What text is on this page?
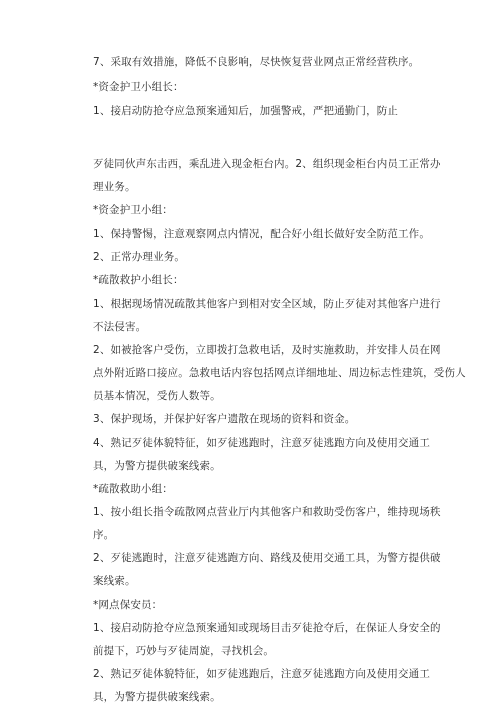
7、采取有效措施，降低不良影响，尽快恢复营业网点正常经营秩序。
*资金护卫小组长：
1、接启动防抢夺应急预案通知后，加强警戒，严把通勤门，防止
歹徒同伙声东击西，乘乱进入现金柜台内。2、组织现金柜台内员工正常办
理业务。
*资金护卫小组：
1、保持警惕，注意观察网点内情况，配合好小组长做好安全防范工作。
2、正常办理业务。
*疏散救护小组长：
1、根据现场情况疏散其他客户到相对安全区域，防止歹徒对其他客户进行
不法侵害。
2、如被抢客户受伤，立即拨打急救电话，及时实施救助，并安排人员在网
点外附近路口接应。急救电话内容包括网点详细地址、周边标志性建筑，受伤人
员基本情况，受伤人数等。
3、保护现场，并保护好客户遗散在现场的资料和资金。
4、熟记歹徒体貌特征，如歹徒逃跑时，注意歹徒逃跑方向及使用交通工
具，为警方提供破案线索。
*疏散救助小组：
1、按小组长指令疏散网点营业厅内其他客户和救助受伤客户，维持现场秩
序。
2、歹徒逃跑时，注意歹徒逃跑方向、路线及使用交通工具，为警方提供破
案线索。
*网点保安员：
1、接启动防抢夺应急预案通知或现场目击歹徒抢夺后，在保证人身安全的
前提下，巧妙与歹徒周旋，寻找机会。
2、熟记歹徒体貌特征，如歹徒逃跑后，注意歹徒逃跑方向及使用交通工
具，为警方提供破案线索。
